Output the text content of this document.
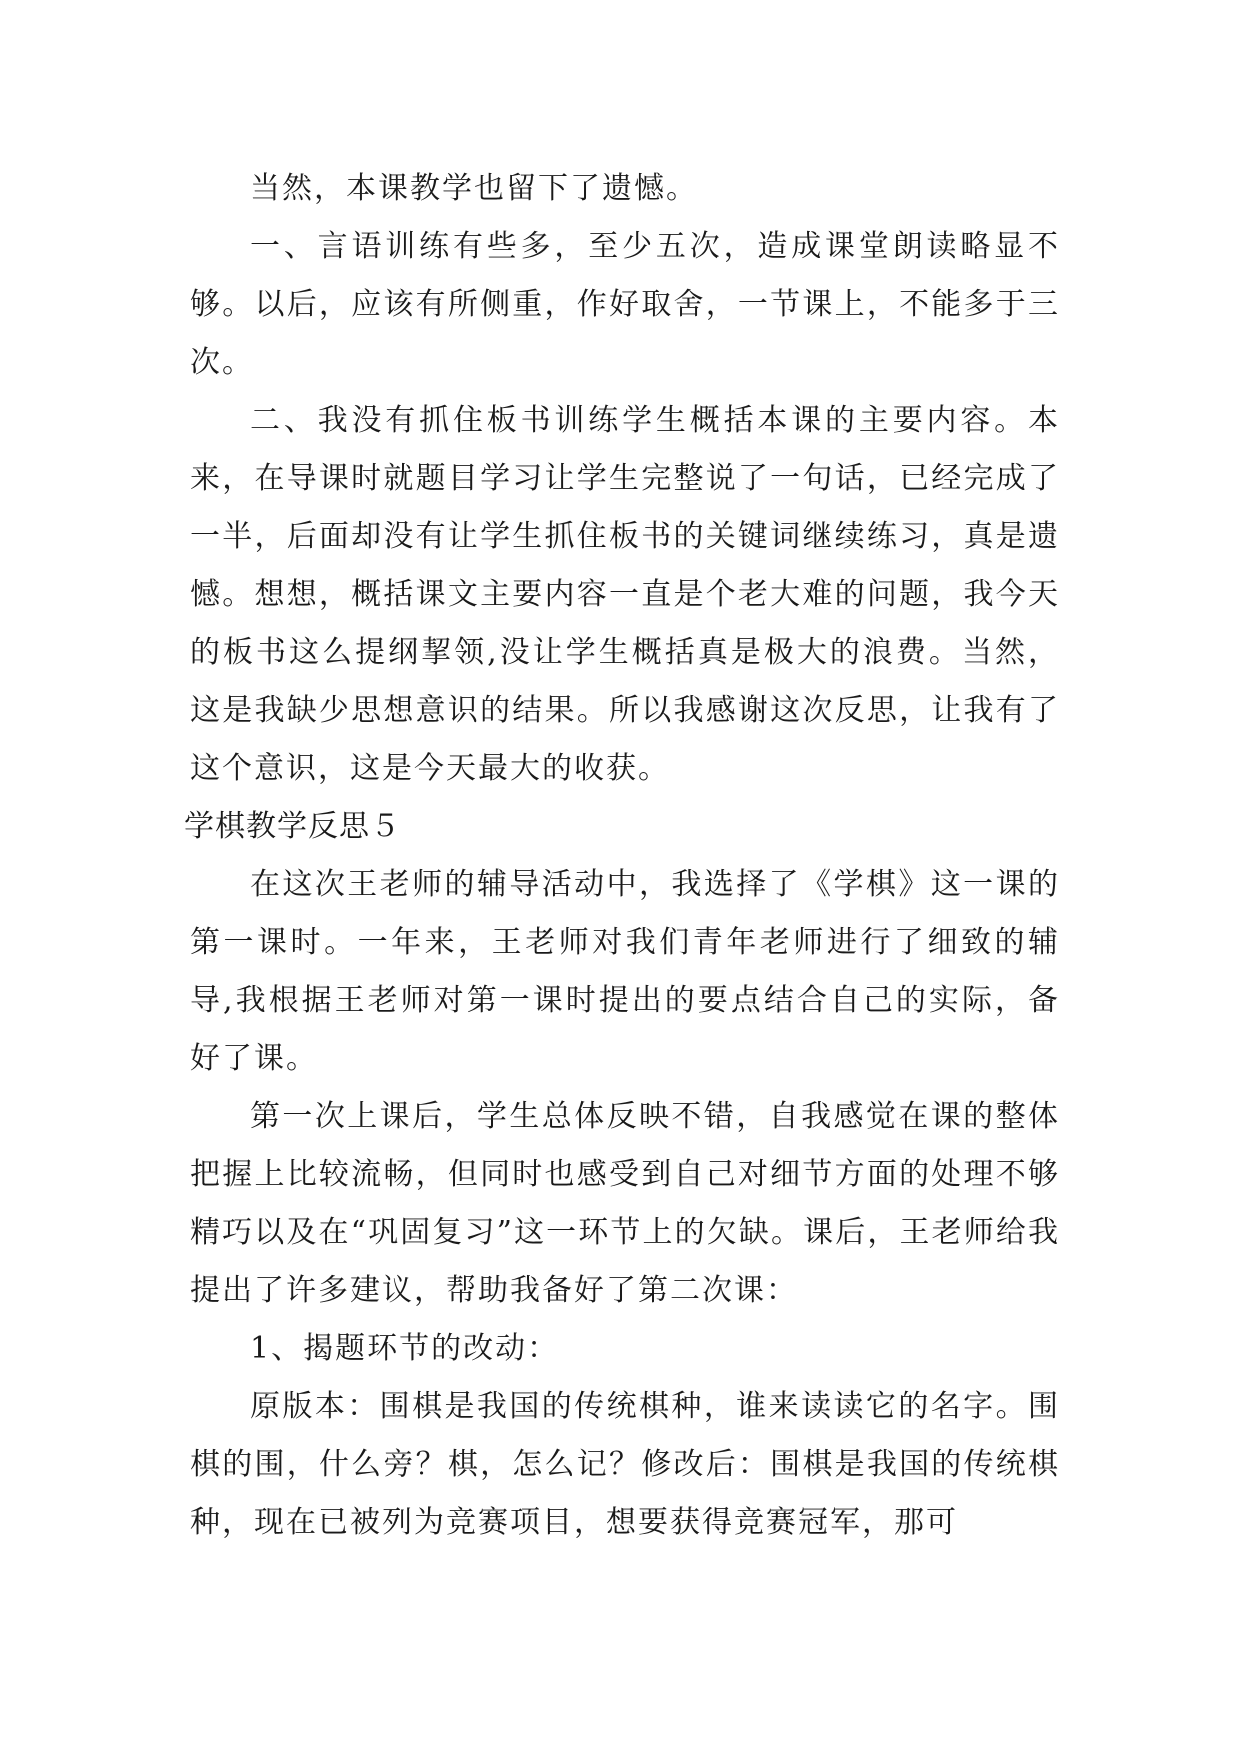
当然，本课教学也留下了遗憾。

一、言语训练有些多，至少五次，造成课堂朗读略显不够。以后，应该有所侧重，作好取舍，一节课上，不能多于三次。

二、我没有抓住板书训练学生概括本课的主要内容。本来，在导课时就题目学习让学生完整说了一句话，已经完成了一半，后面却没有让学生抓住板书的关键词继续练习，真是遗憾。想想，概括课文主要内容一直是个老大难的问题，我今天的板书这么提纲挈领,没让学生概括真是极大的浪费。当然，这是我缺少思想意识的结果。所以我感谢这次反思，让我有了这个意识，这是今天最大的收获。

学棋教学反思５

在这次王老师的辅导活动中，我选择了《学棋》这一课的第一课时。一年来，王老师对我们青年老师进行了细致的辅导,我根据王老师对第一课时提出的要点结合自己的实际，备好了课。

第一次上课后，学生总体反映不错，自我感觉在课的整体把握上比较流畅，但同时也感受到自己对细节方面的处理不够精巧以及在“巩固复习”这一环节上的欠缺。课后，王老师给我提出了许多建议，帮助我备好了第二次课：

1、揭题环节的改动：

原版本：围棋是我国的传统棋种，谁来读读它的名字。围棋的围，什么旁？棋，怎么记？修改后：围棋是我国的传统棋种，现在已被列为竞赛项目，想要获得竞赛冠军，那可
